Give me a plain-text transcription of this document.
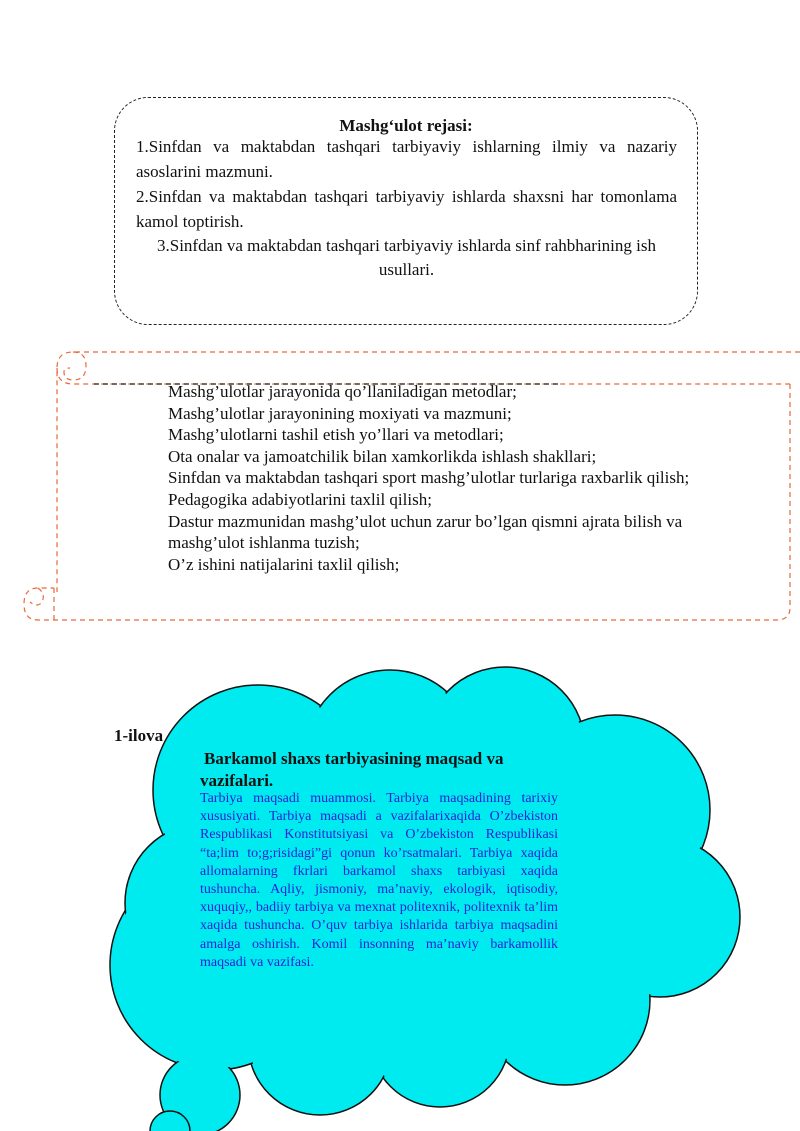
Mashg‘ulot rejasi:
1.Sinfdan va maktabdan tashqari tarbiyaviy ishlarning ilmiy va nazariy asoslarini mazmuni.
2.Sinfdan va maktabdan tashqari tarbiyaviy ishlarda shaxsni har tomonlama kamol toptirish.
3.Sinfdan va maktabdan tashqari tarbiyaviy ishlarda sinf rahbharining ish usullari.
Mashg’ulotlar jarayonida qo’llaniladigan metodlar;
Mashg’ulotlar jarayonining moxiyati va mazmuni;
Mashg’ulotlarni tashil etish yo’llari va metodlari;
Ota onalar va jamoatchilik bilan xamkorlikda ishlash shakllari;
Sinfdan va maktabdan tashqari sport mashg’ulotlar turlariga raxbarlik qilish;
Pedagogika adabiyotlarini taxlil qilish;
Dastur mazmunidan mashg’ulot uchun zarur bo’lgan qismni ajrata bilish va mashg’ulot ishlanma tuzish;
O’z ishini natijalarini taxlil qilish;
1-ilova
Barkamol shaxs tarbiyasining maqsad va
vazifalari.
Tarbiya maqsadi muammosi. Tarbiya maqsadining tarixiy xususiyati. Tarbiya maqsadi a vazifalarixaqida O’zbekiston Respublikasi Konstitutsiyasi va O’zbekiston Respublikasi “ta;lim to;g;risidagi”gi qonun ko’rsatmalari. Tarbiya xaqida allomalarning fkrlari barkamol shaxs tarbiyasi xaqida tushuncha. Aqliy, jismoniy, ma’naviy, ekologik, iqtisodiy, xuquqiy,, badiiy tarbiya va mexnat politexnik, politexnik ta’lim xaqida tushuncha. O’quv tarbiya ishlarida tarbiya maqsadini amalga oshirish. Komil insonning ma’naviy barkamollik maqsadi va vazifasi.
